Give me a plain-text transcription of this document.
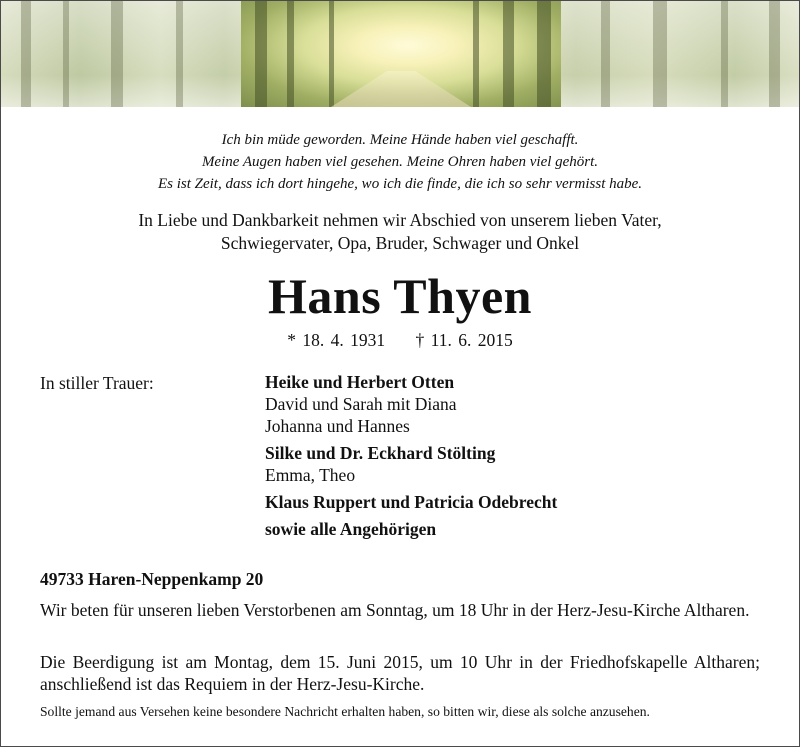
Ich bin müde geworden. Meine Hände haben viel geschafft.
Meine Augen haben viel gesehen. Meine Ohren haben viel gehört.
Es ist Zeit, dass ich dort hingehe, wo ich die finde, die ich so sehr vermisst habe.
In Liebe und Dankbarkeit nehmen wir Abschied von unserem lieben Vater,
Schwiegervater, Opa, Bruder, Schwager und Onkel
Hans Thyen
* 18. 4. 1931 † 11. 6. 2015
In stiller Trauer:	Heike und Herbert Otten
David und Sarah mit Diana
Johanna und Hannes
Silke und Dr. Eckhard Stölting
Emma, Theo
Klaus Ruppert und Patricia Odebrecht
sowie alle Angehörigen
49733 Haren-Neppenkamp 20
Wir beten für unseren lieben Verstorbenen am Sonntag, um 18 Uhr in der Herz-Jesu-Kirche Altharen.
Die Beerdigung ist am Montag, dem 15. Juni 2015, um 10 Uhr in der Friedhofskapelle Altharen; anschließend ist das Requiem in der Herz-Jesu-Kirche.
Sollte jemand aus Versehen keine besondere Nachricht erhalten haben, so bitten wir, diese als solche anzusehen.
